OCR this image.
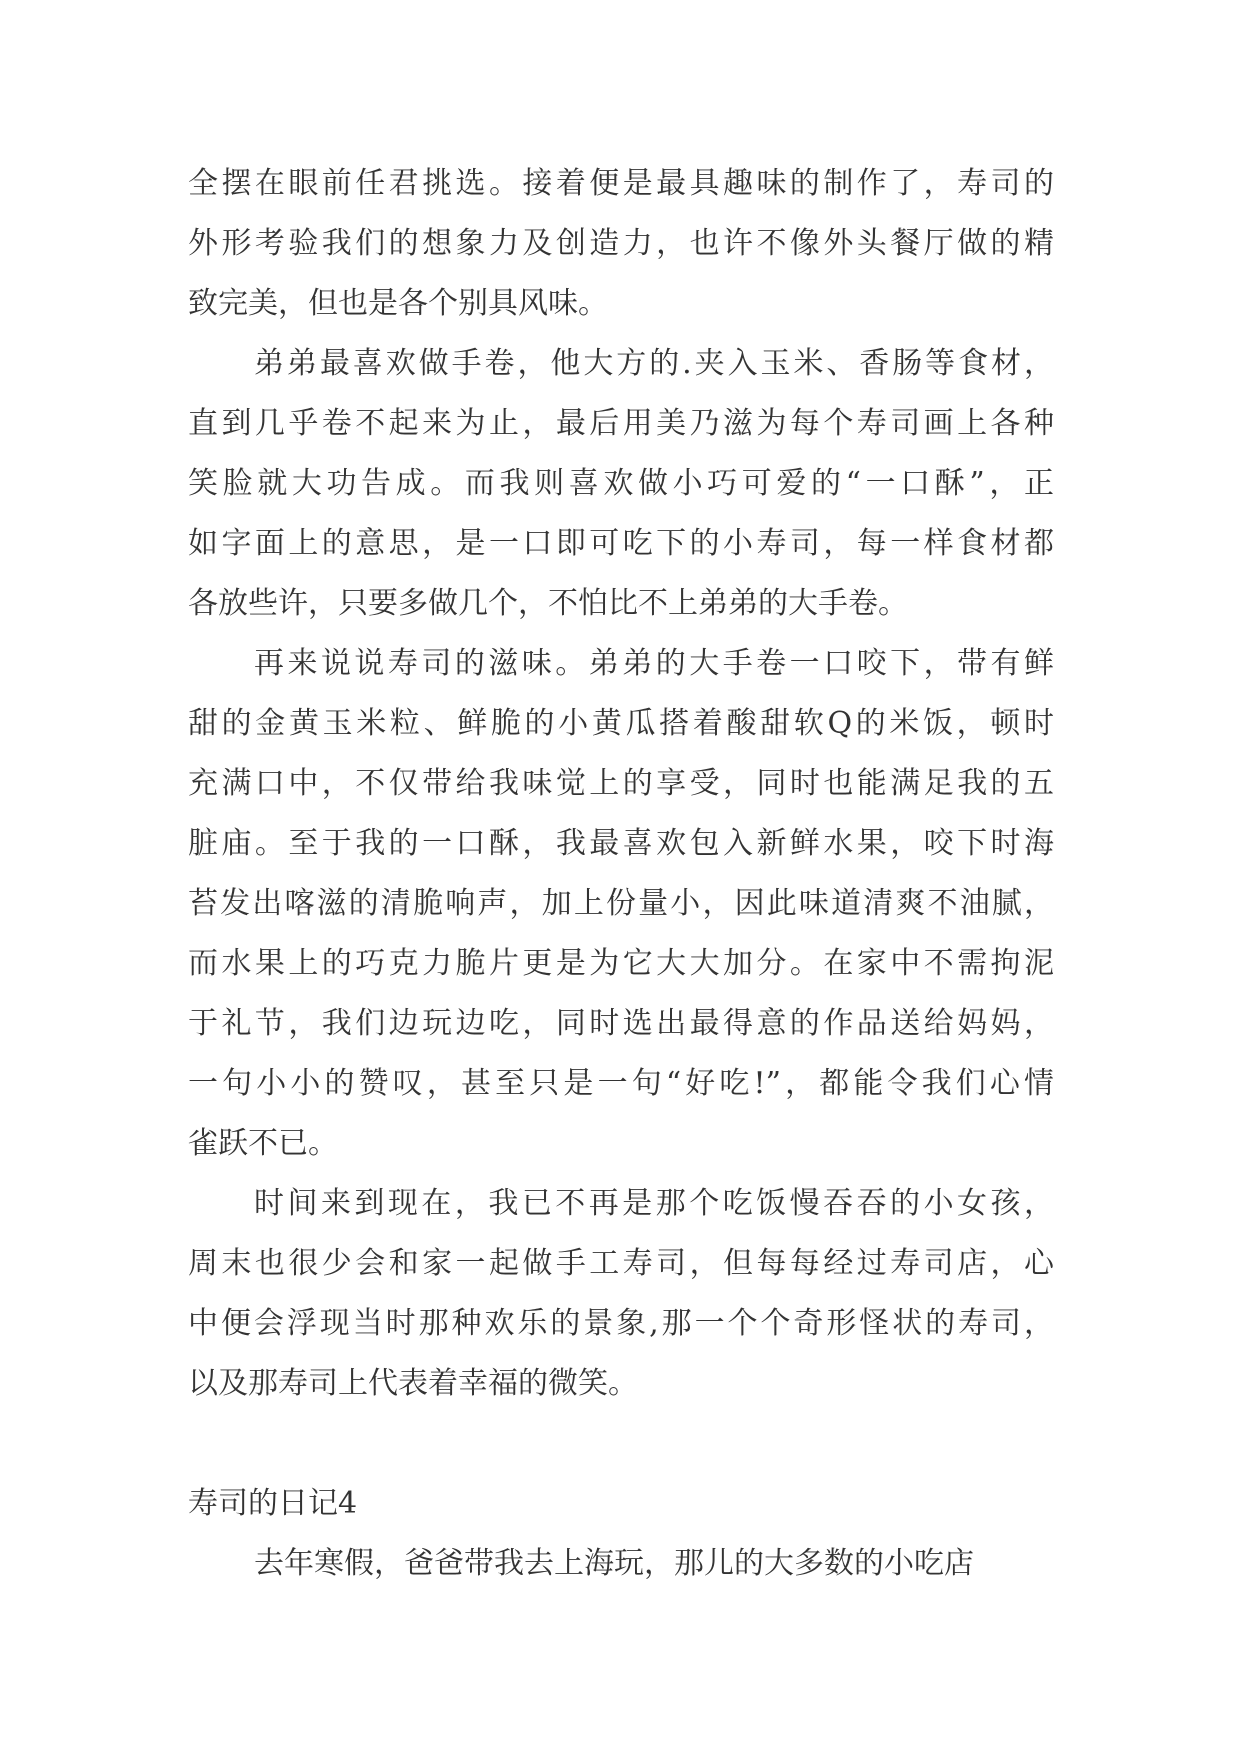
全摆在眼前任君挑选。接着便是最具趣味的制作了，寿司的
外形考验我们的想象力及创造力，也许不像外头餐厅做的精
致完美，但也是各个别具风味。
弟弟最喜欢做手卷，他大方的.夹入玉米、香肠等食材，
直到几乎卷不起来为止，最后用美乃滋为每个寿司画上各种
笑脸就大功告成。而我则喜欢做小巧可爱的“一口酥”，正
如字面上的意思，是一口即可吃下的小寿司，每一样食材都
各放些许，只要多做几个，不怕比不上弟弟的大手卷。
再来说说寿司的滋味。弟弟的大手卷一口咬下，带有鲜
甜的金黄玉米粒、鲜脆的小黄瓜搭着酸甜软Q的米饭，顿时
充满口中，不仅带给我味觉上的享受，同时也能满足我的五
脏庙。至于我的一口酥，我最喜欢包入新鲜水果，咬下时海
苔发出喀滋的清脆响声，加上份量小，因此味道清爽不油腻，
而水果上的巧克力脆片更是为它大大加分。在家中不需拘泥
于礼节，我们边玩边吃，同时选出最得意的作品送给妈妈，
一句小小的赞叹，甚至只是一句“好吃!”，都能令我们心情
雀跃不已。
时间来到现在，我已不再是那个吃饭慢吞吞的小女孩，
周末也很少会和家一起做手工寿司，但每每经过寿司店，心
中便会浮现当时那种欢乐的景象,那一个个奇形怪状的寿司，
以及那寿司上代表着幸福的微笑。
寿司的日记4
去年寒假，爸爸带我去上海玩，那儿的大多数的小吃店
